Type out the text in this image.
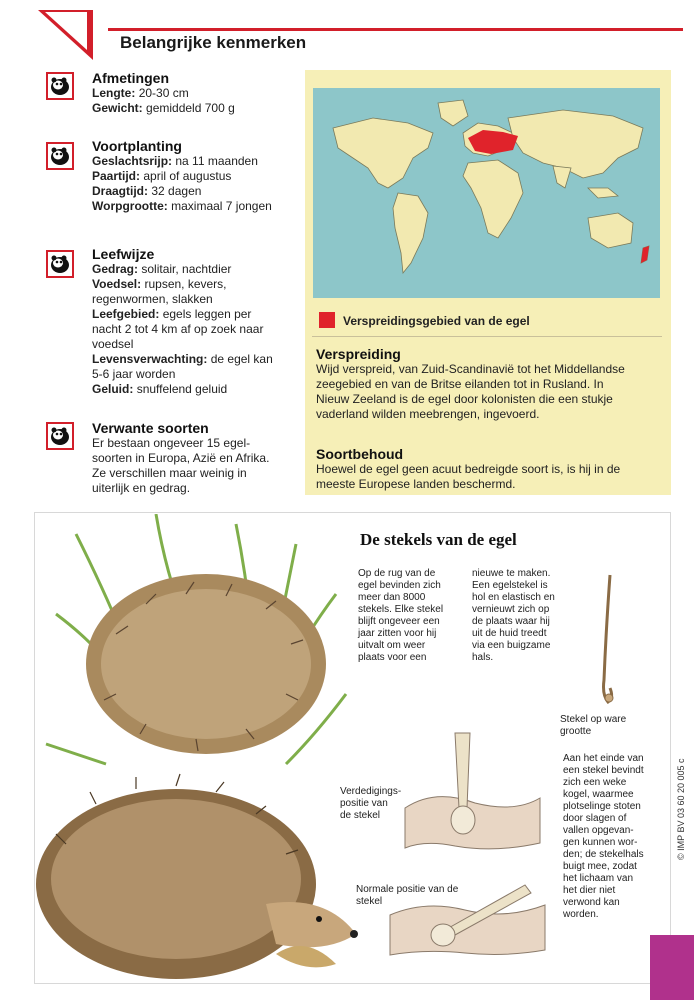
Belangrijke kenmerken
Afmetingen
Lengte: 20-30 cm
Gewicht: gemiddeld 700 g
Voortplanting
Geslachtsrijp: na 11 maanden
Paartijd: april of augustus
Draagtijd: 32 dagen
Worpgrootte: maximaal 7 jongen
Leefwijze
Gedrag: solitair, nachtdier
Voedsel: rupsen, kevers,
regenwormen, slakken
Leefgebied: egels leggen per
nacht 2 tot 4 km af op zoek naar
voedsel
Levensverwachting: de egel kan
5-6 jaar worden
Geluid: snuffelend geluid
Verwante soorten
Er bestaan ongeveer 15 egel-
soorten in Europa, Azië en Afrika.
Ze verschillen maar weinig in
uiterlijk en gedrag.
Verspreidingsgebied van de egel
Verspreiding
Wijd verspreid, van Zuid-Scandinavië tot het Middellandse
zeegebied en van de Britse eilanden tot in Rusland. In
Nieuw Zeeland is de egel door kolonisten die een stukje
vaderland wilden meebrengen, ingevoerd.
Soortbehoud
Hoewel de egel geen acuut bedreigde soort is, is hij in de
meeste Europese landen beschermd.
De stekels van de egel
Op de rug van de
egel bevinden zich
meer dan 8000
stekels. Elke stekel
blijft ongeveer een
jaar zitten voor hij
uitvalt om weer
plaats voor een
nieuwe te maken.
Een egelstekel is
hol en elastisch en
vernieuwt zich op
de plaats waar hij
uit de huid treedt
via een buigzame
hals.
Stekel op ware
grootte
Aan het einde van
een stekel bevindt
zich een weke
kogel, waarmee
plotselinge stoten
door slagen of
vallen opgevan-
gen kunnen wor-
den; de stekelhals
buigt mee, zodat
het lichaam van
het dier niet
verwond kan
worden.
Verdedigings-
positie van
de stekel
Normale positie van de
stekel
© IMP BV 03 60 20 005 c
